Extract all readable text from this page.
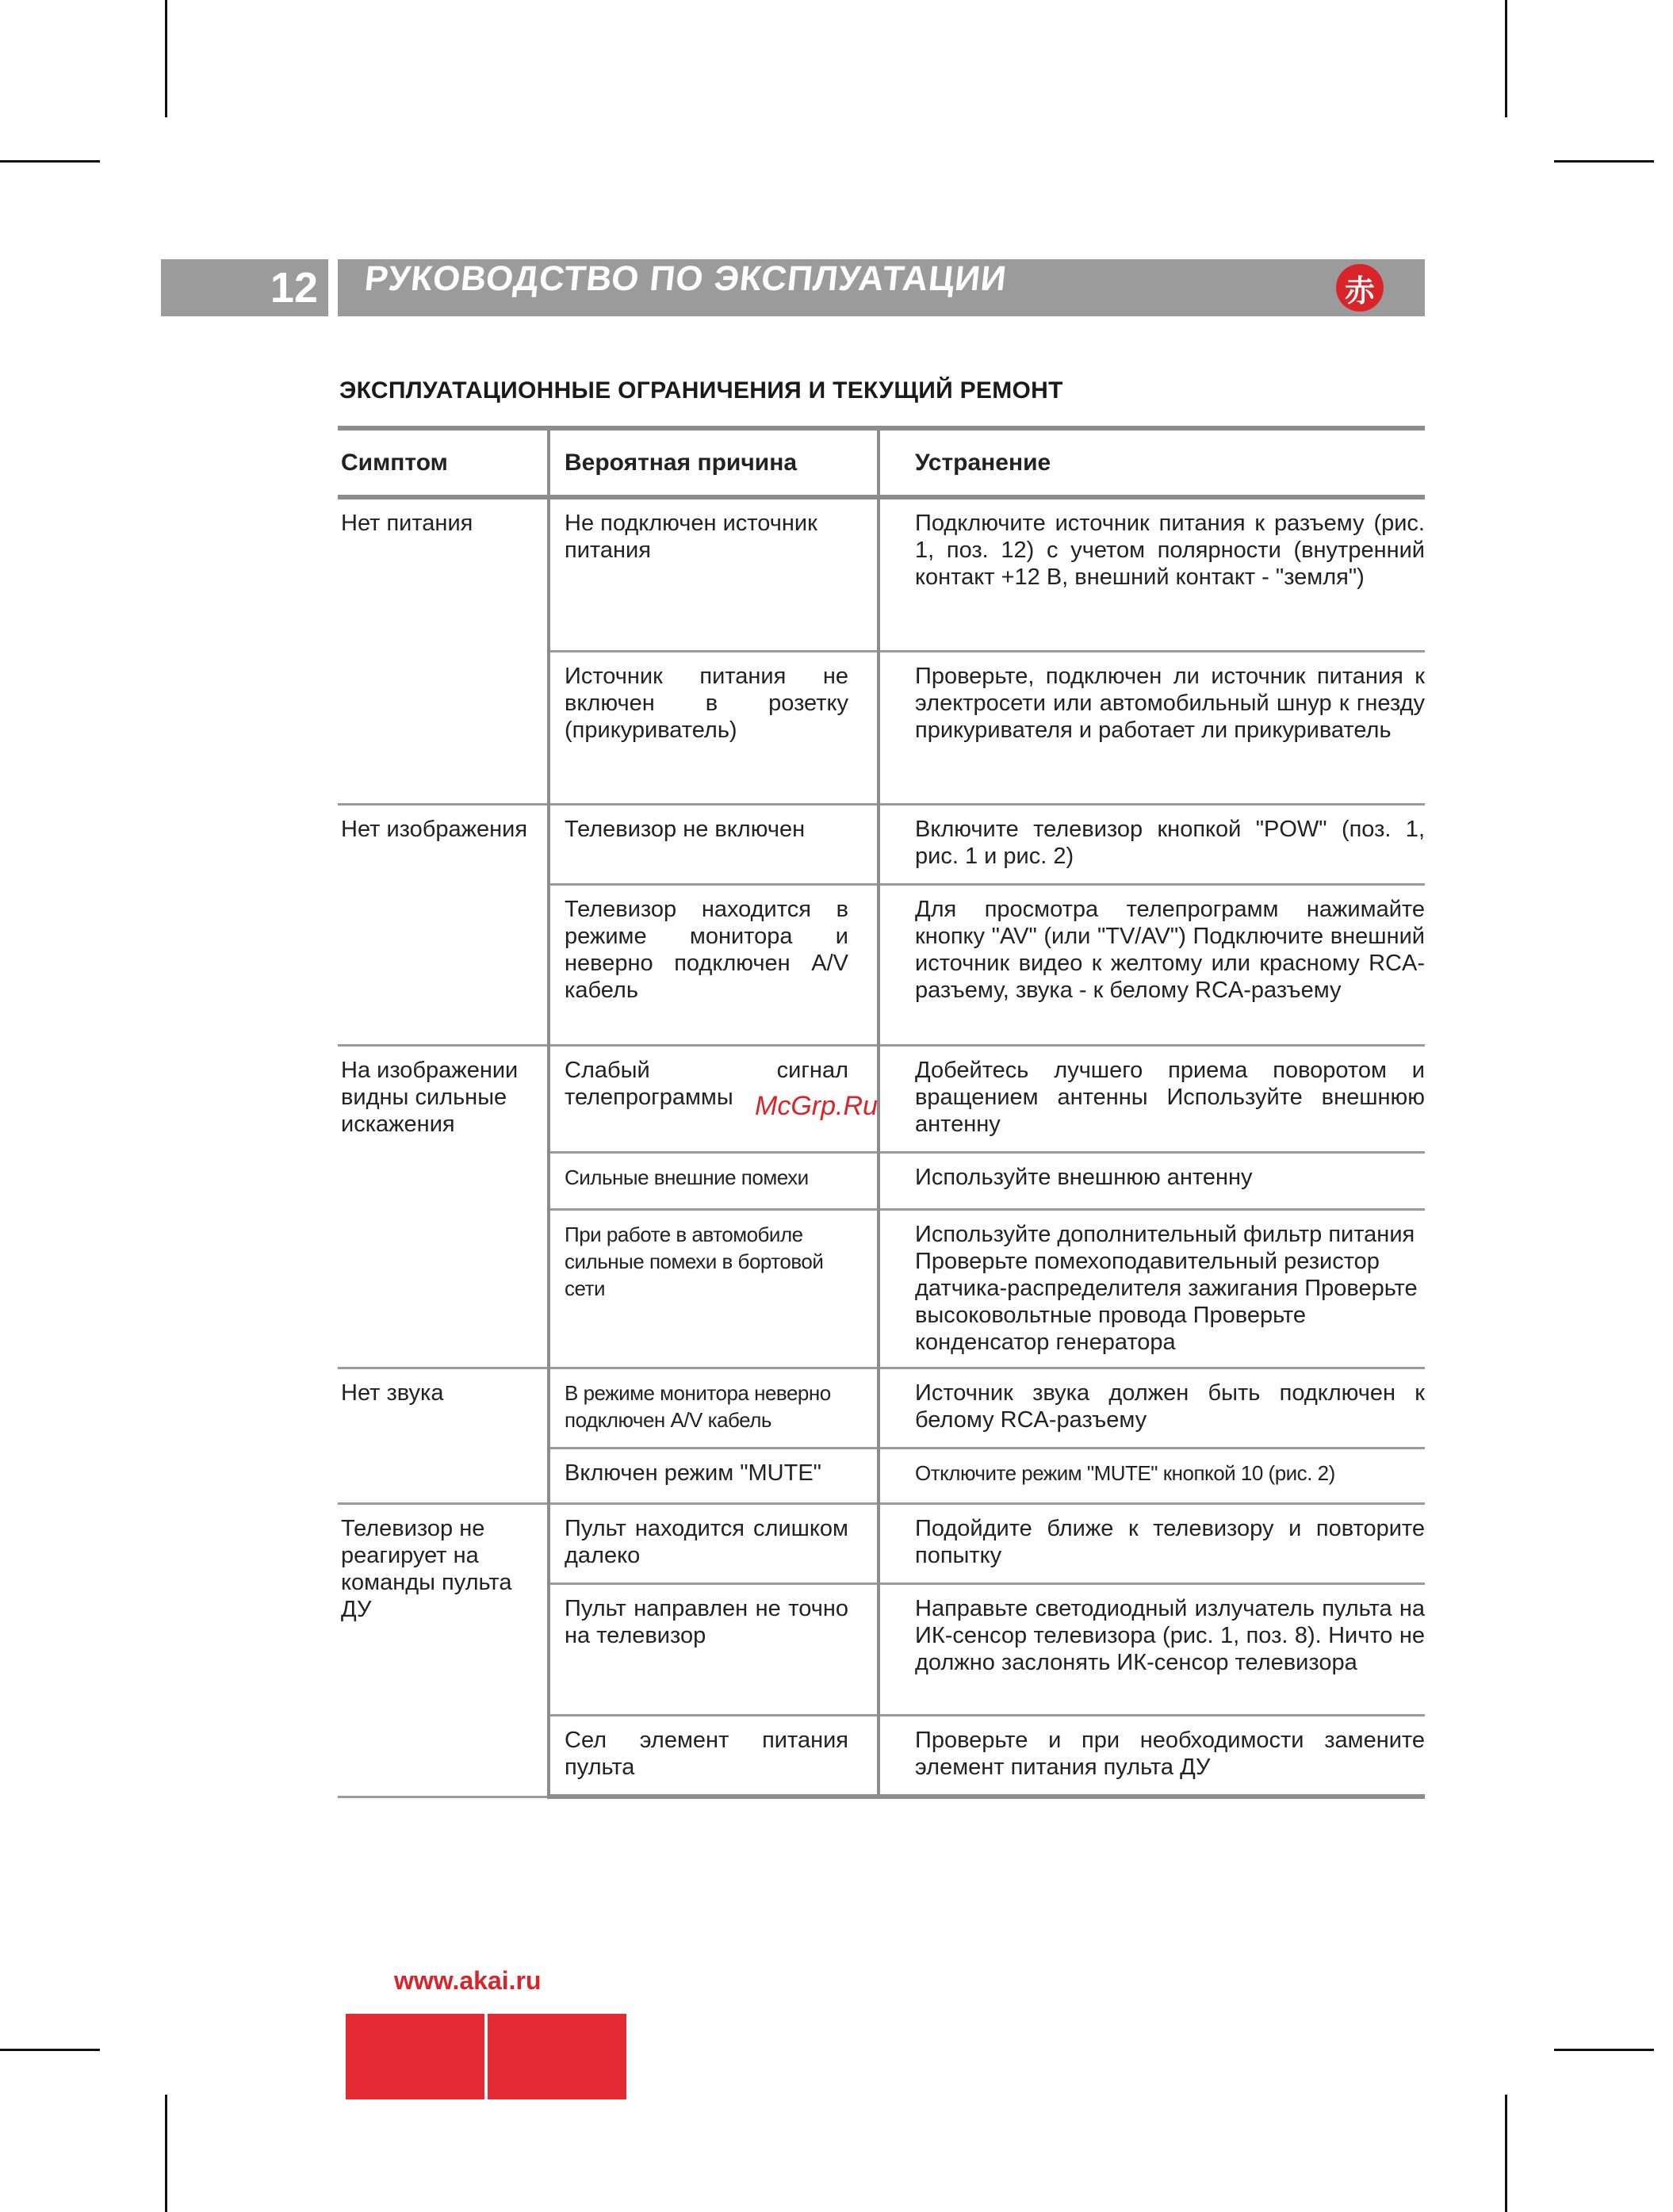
12 РУКОВОДСТВО ПО ЭКСПЛУАТАЦИИ	赤
ЭКСПЛУАТАЦИОННЫЕ ОГРАНИЧЕНИЯ И ТЕКУЩИЙ РЕМОНТ
Симптом	Вероятная причина	Устранение
Нет питания	Не подключен источник питания	Подключите источник питания к разъему (рис. 1, поз. 12) с учетом полярности (внутренний контакт +12 В, внешний контакт - "земля")
	Источник питания не включен в розетку (прикуриватель)	Проверьте, подключен ли источник питания к электросети или автомобильный шнур к гнезду прикуривателя и работает ли прикуриватель
Нет изображения	Телевизор не включен	Включите телевизор кнопкой "POW" (поз. 1, рис. 1 и рис. 2)
	Телевизор находится в режиме монитора и неверно подключен A/V кабель	Для просмотра телепрограмм нажимайте кнопку "AV" (или "TV/AV") Подключите внешний источник видео к желтому или красному RCA-разъему, звука - к белому RCA-разъему
На изображении видны сильные искажения	Слабый сигнал телепрограммы	Добейтесь лучшего приема поворотом и вращением антенны Используйте внешнюю антенну
	Сильные внешние помехи	Используйте внешнюю антенну
	При работе в автомобиле сильные помехи в бортовой сети	Используйте дополнительный фильтр питания Проверьте помехоподавительный резистор датчика-распределителя зажигания Проверьте высоковольтные провода Проверьте конденсатор генератора
Нет звука	В режиме монитора неверно подключен A/V кабель	Источник звука должен быть подключен к белому RCA-разъему
	Включен режим "MUTE"	Отключите режим "MUTE" кнопкой 10 (рис. 2)
Телевизор не реагирует на команды пульта ДУ	Пульт находится слишком далеко	Подойдите ближе к телевизору и повторите попытку
	Пульт направлен не точно на телевизор	Направьте светодиодный излучатель пульта на ИК-сенсор телевизора (рис. 1, поз. 8). Ничто не должно заслонять ИК-сенсор телевизора
	Сел элемент питания пульта	Проверьте и при необходимости замените элемент питания пульта ДУ
McGrp.Ru
www.akai.ru
